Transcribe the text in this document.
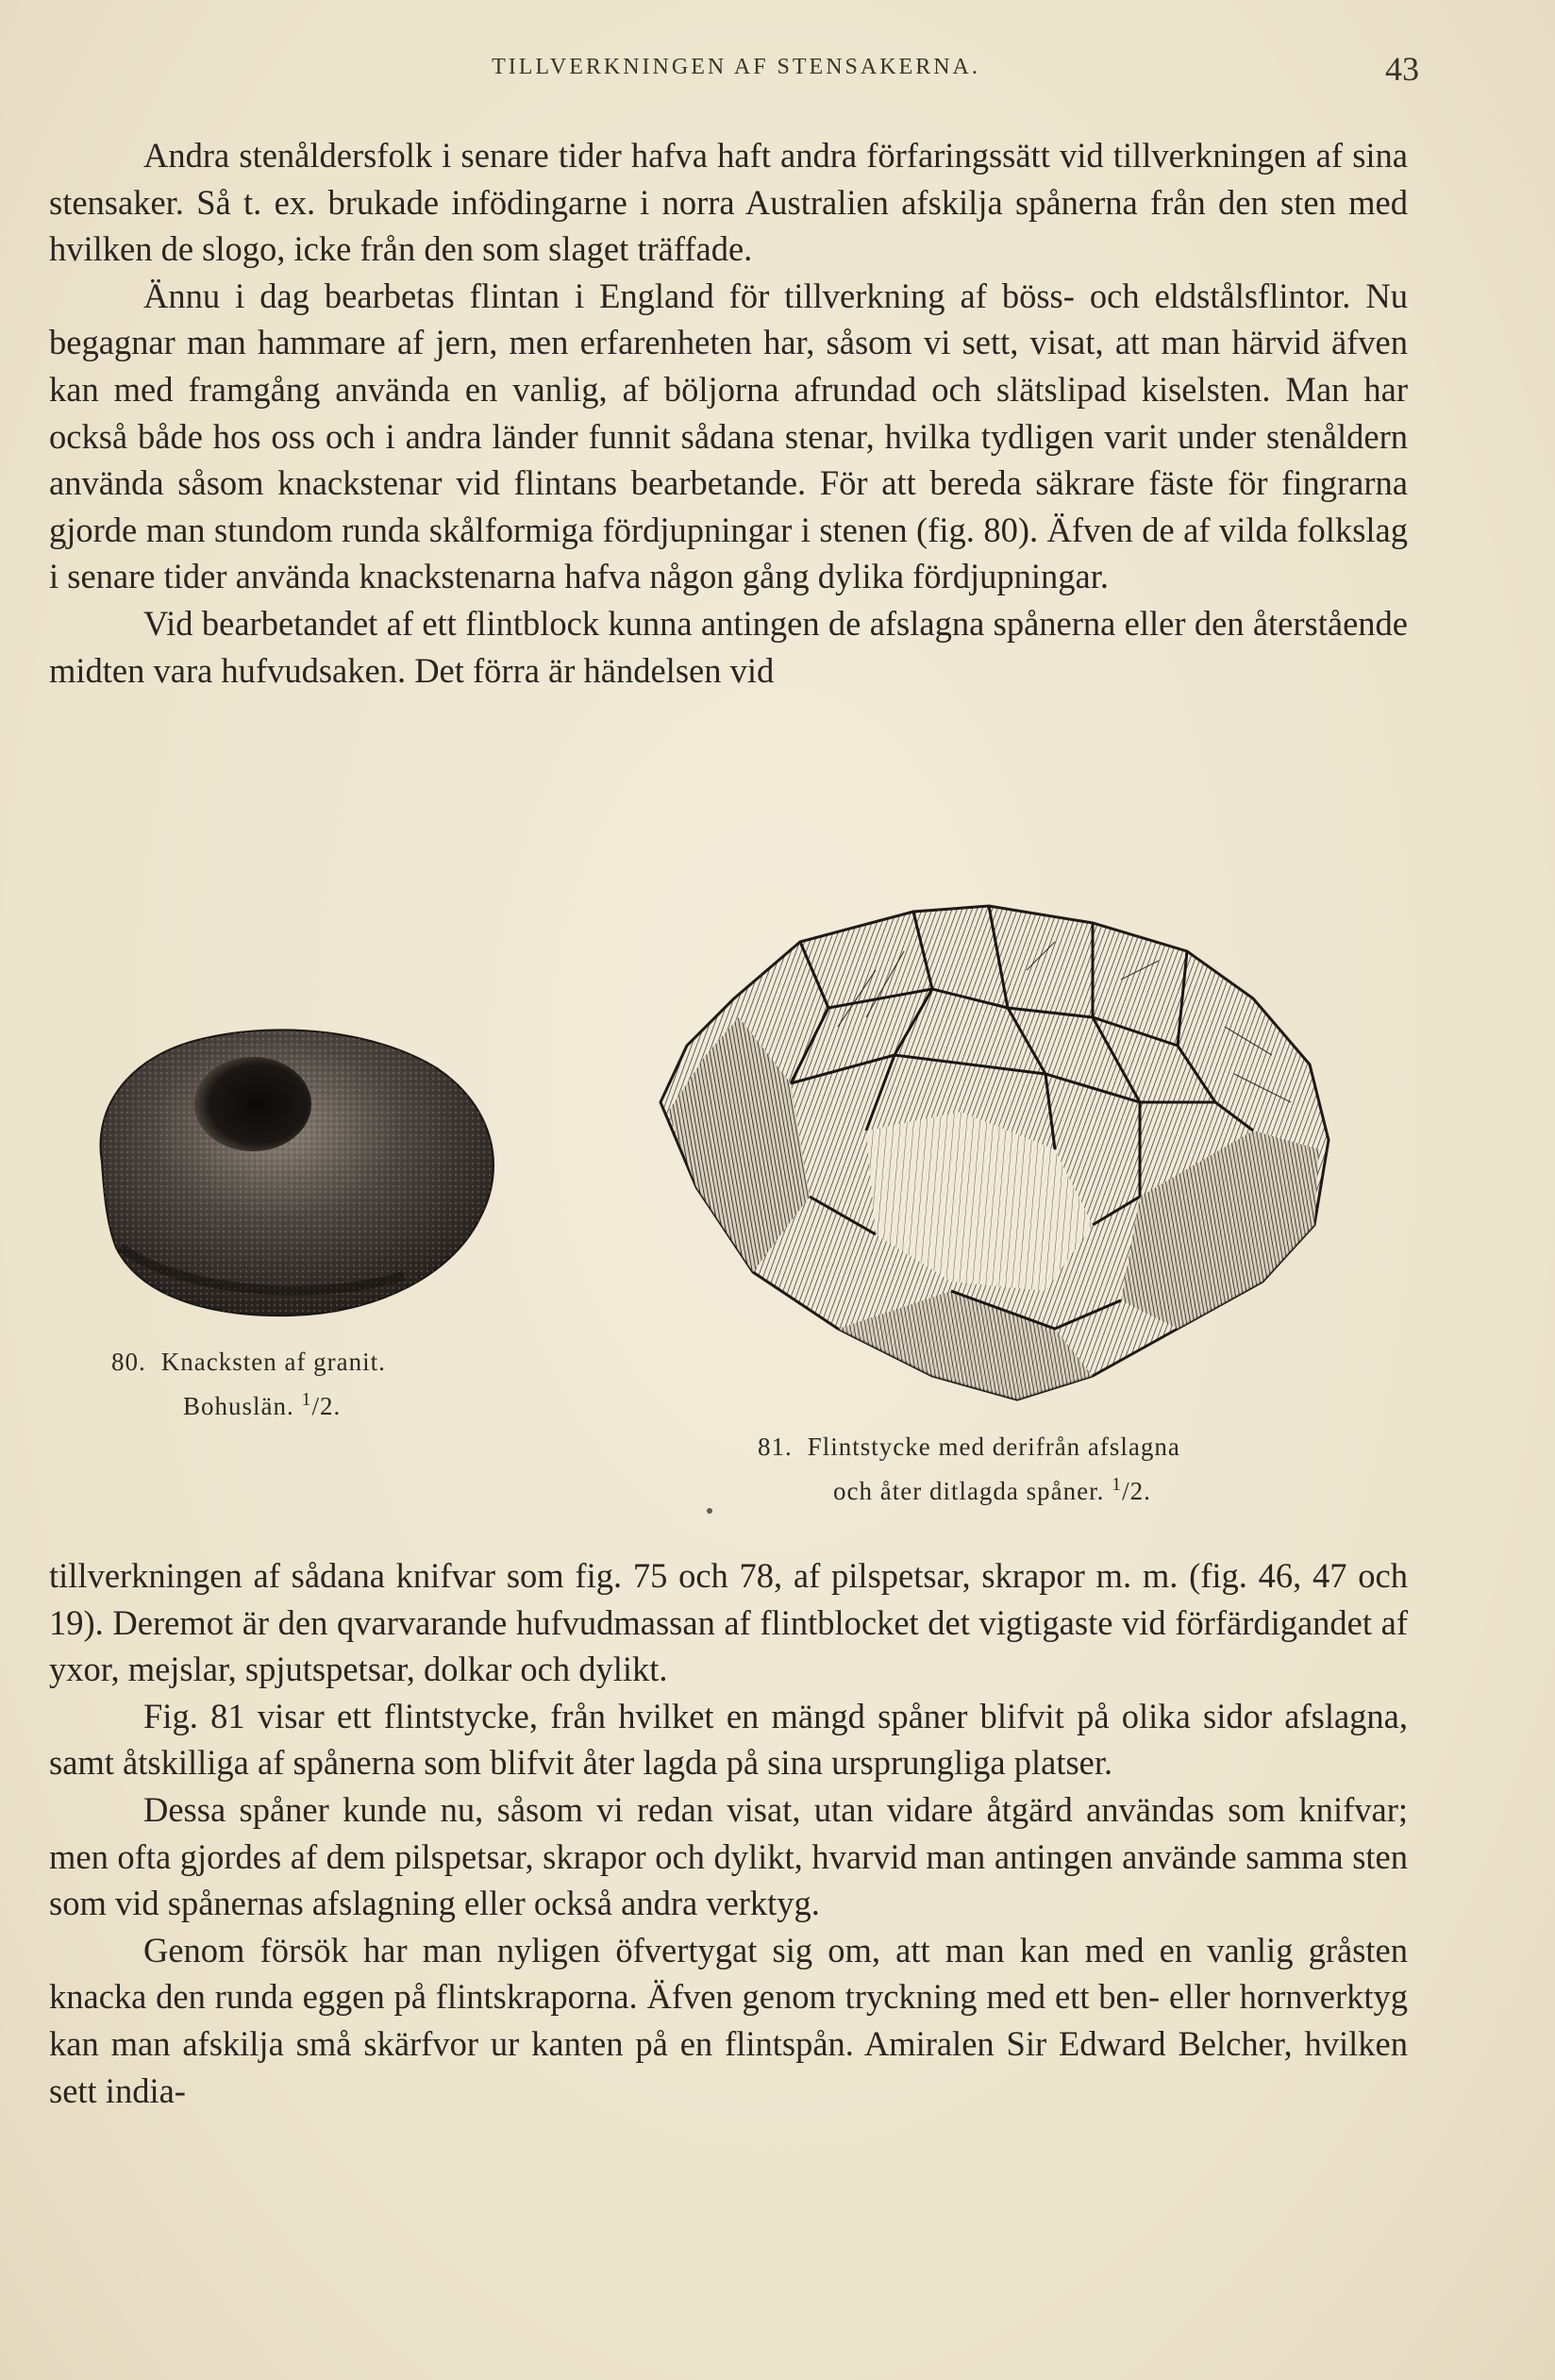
TILLVERKNINGEN AF STENSAKERNA.	43

Andra stenåldersfolk i senare tider hafva haft andra förfaringssätt vid tillverkningen af sina stensaker. Så t. ex. brukade infödingarne i norra Australien afskilja spånerna från den sten med hvilken de slogo, icke från den som slaget träffade.

Ännu i dag bearbetas flintan i England för tillverkning af böss- och eldstålsflintor. Nu begagnar man hammare af jern, men erfarenheten har, såsom vi sett, visat, att man härvid äfven kan med framgång använda en vanlig, af böljorna afrundad och slätslipad kiselsten. Man har också både hos oss och i andra länder funnit sådana stenar, hvilka tydligen varit under stenåldern använda såsom knackstenar vid flintans bearbetande. För att bereda säkrare fäste för fingrarna gjorde man stundom runda skålformiga fördjupningar i stenen (fig. 80). Äfven de af vilda folkslag i senare tider använda knackstenarna hafva någon gång dylika fördjupningar.

Vid bearbetandet af ett flintblock kunna antingen de afslagna spånerna eller den återstående midten vara hufvudsaken. Det förra är händelsen vid

80. Knacksten af granit.
Bohuslän. $^1$/2.
81. Flintstycke med derifrån afslagna
och åter ditlagda spåner. $^1$/2.

tillverkningen af sådana knifvar som fig. 75 och 78, af pilspetsar, skrapor m. m. (fig. 46, 47 och 19). Deremot är den qvarvarande hufvudmassan af flintblocket det vigtigaste vid förfärdigandet af yxor, mejslar, spjutspetsar, dolkar och dylikt.

Fig. 81 visar ett flintstycke, från hvilket en mängd spåner blifvit på olika sidor afslagna, samt åtskilliga af spånerna som blifvit åter lagda på sina ursprungliga platser.

Dessa spåner kunde nu, såsom vi redan visat, utan vidare åtgärd användas som knifvar; men ofta gjordes af dem pilspetsar, skrapor och dylikt, hvarvid man antingen använde samma sten som vid spånernas afslagning eller också andra verktyg.

Genom försök har man nyligen öfvertygat sig om, att man kan med en vanlig gråsten knacka den runda eggen på flintskraporna. Äfven genom tryckning med ett ben- eller hornverktyg kan man afskilja små skärfvor ur kanten på en flintspån. Amiralen Sir Edward Belcher, hvilken sett india-
